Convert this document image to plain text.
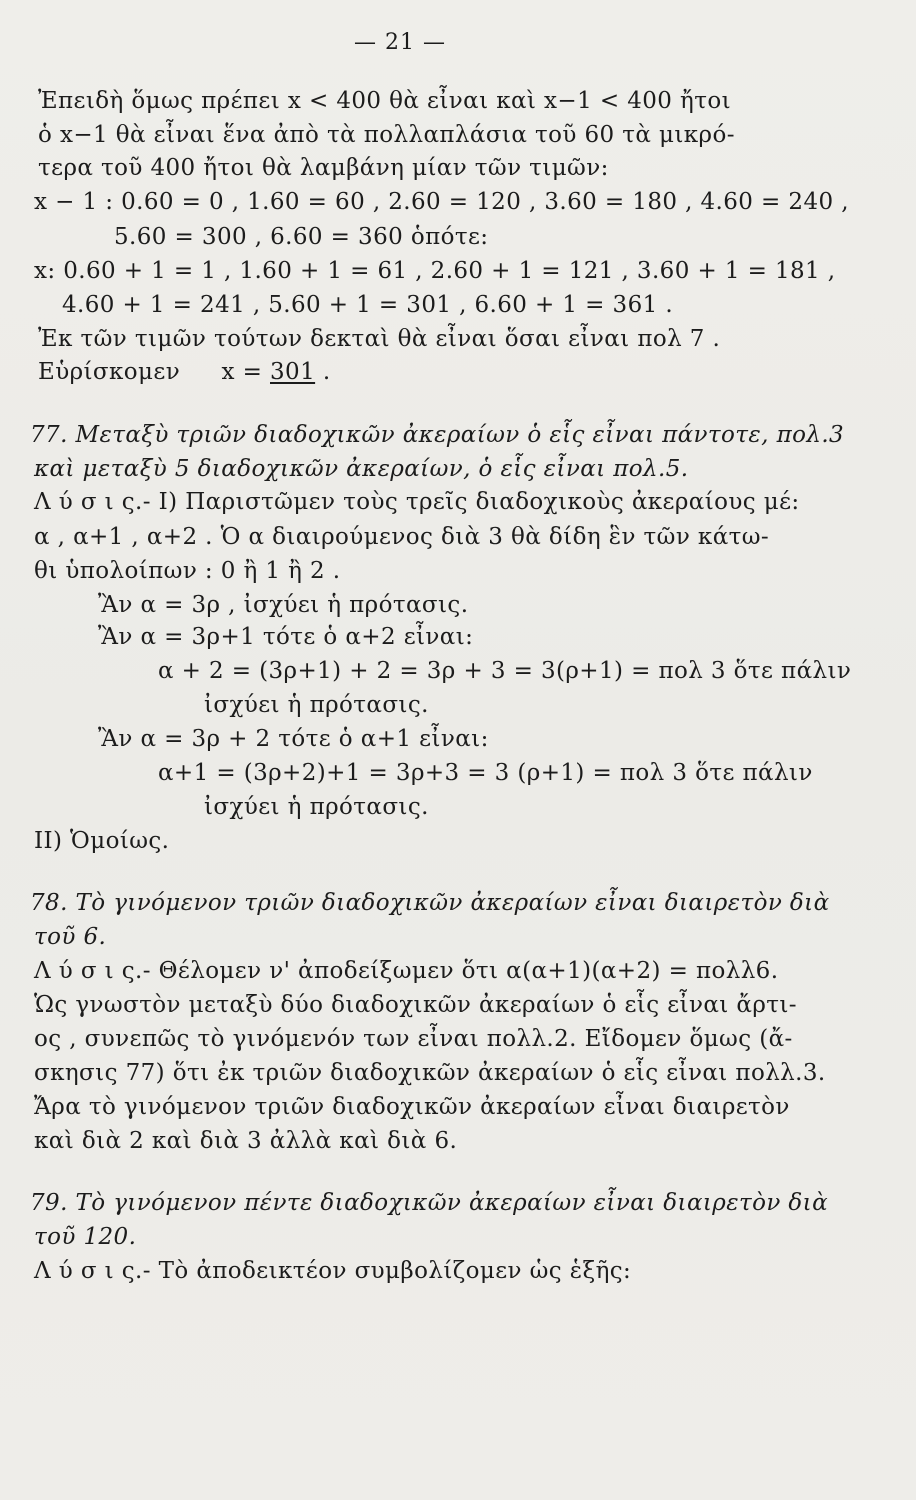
— 21 —
Ἐπειδὴ ὅμως πρέπει x < 400 θὰ εἶναι καὶ x−1 < 400 ἤτοι
ὁ x−1 θὰ εἶναι ἕνα ἀπὸ τὰ πολλαπλάσια τοῦ 60 τὰ μικρό-
τερα τοῦ 400 ἤτοι θὰ λαμβάνη μίαν τῶν τιμῶν:
x − 1 : 0.60 = 0 , 1.60 = 60 , 2.60 = 120 , 3.60 = 180 , 4.60 = 240 ,
5.60 = 300 , 6.60 = 360 ὁπότε:
x: 0.60 + 1 = 1 , 1.60 + 1 = 61 , 2.60 + 1 = 121 , 3.60 + 1 = 181 ,
4.60 + 1 = 241 , 5.60 + 1 = 301 , 6.60 + 1 = 361 .
Ἐκ τῶν τιμῶν τούτων δεκταὶ θὰ εἶναι ὅσαι εἶναι πολ 7 .
Εὑρίσκομεν x = 301 .
77. Μεταξὺ τριῶν διαδοχικῶν ἀκεραίων ὁ εἷς εἶναι πάντοτε, πολ.3
καὶ μεταξὺ 5 διαδοχικῶν ἀκεραίων, ὁ εἷς εἶναι πολ.5.
Λ ύ σ ι ς.- I) Παριστῶμεν τοὺς τρεῖς διαδοχικοὺς ἀκεραίους μέ:
α , α+1 , α+2 . Ὁ α διαιρούμενος διὰ 3 θὰ δίδη ἓν τῶν κάτω-
θι ὑπολοίπων : 0 ἢ 1 ἢ 2 .
Ἂν α = 3ρ , ἰσχύει ἡ πρότασις.
Ἂν α = 3ρ+1 τότε ὁ α+2 εἶναι:
α + 2 = (3ρ+1) + 2 = 3ρ + 3 = 3(ρ+1) = πολ 3 ὅτε πάλιν
ἰσχύει ἡ πρότασις.
Ἂν α = 3ρ + 2 τότε ὁ α+1 εἶναι:
α+1 = (3ρ+2)+1 = 3ρ+3 = 3 (ρ+1) = πολ 3 ὅτε πάλιν
ἰσχύει ἡ πρότασις.
II) Ὁμοίως.
78. Τὸ γινόμενον τριῶν διαδοχικῶν ἀκεραίων εἶναι διαιρετὸν διὰ
τοῦ 6.
Λ ύ σ ι ς.- Θέλομεν ν' ἀποδείξωμεν ὅτι α(α+1)(α+2) = πολλ6.
Ὡς γνωστὸν μεταξὺ δύο διαδοχικῶν ἀκεραίων ὁ εἷς εἶναι ἄρτι-
ος , συνεπῶς τὸ γινόμενόν των εἶναι πολλ.2. Εἴδομεν ὅμως (ἄ-
σκησις 77) ὅτι ἐκ τριῶν διαδοχικῶν ἀκεραίων ὁ εἷς εἶναι πολλ.3.
Ἄρα τὸ γινόμενον τριῶν διαδοχικῶν ἀκεραίων εἶναι διαιρετὸν
καὶ διὰ 2 καὶ διὰ 3 ἀλλὰ καὶ διὰ 6.
79. Τὸ γινόμενον πέντε διαδοχικῶν ἀκεραίων εἶναι διαιρετὸν διὰ
τοῦ 120.
Λ ύ σ ι ς.- Τὸ ἀποδεικτέον συμβολίζομεν ὡς ἑξῆς:
